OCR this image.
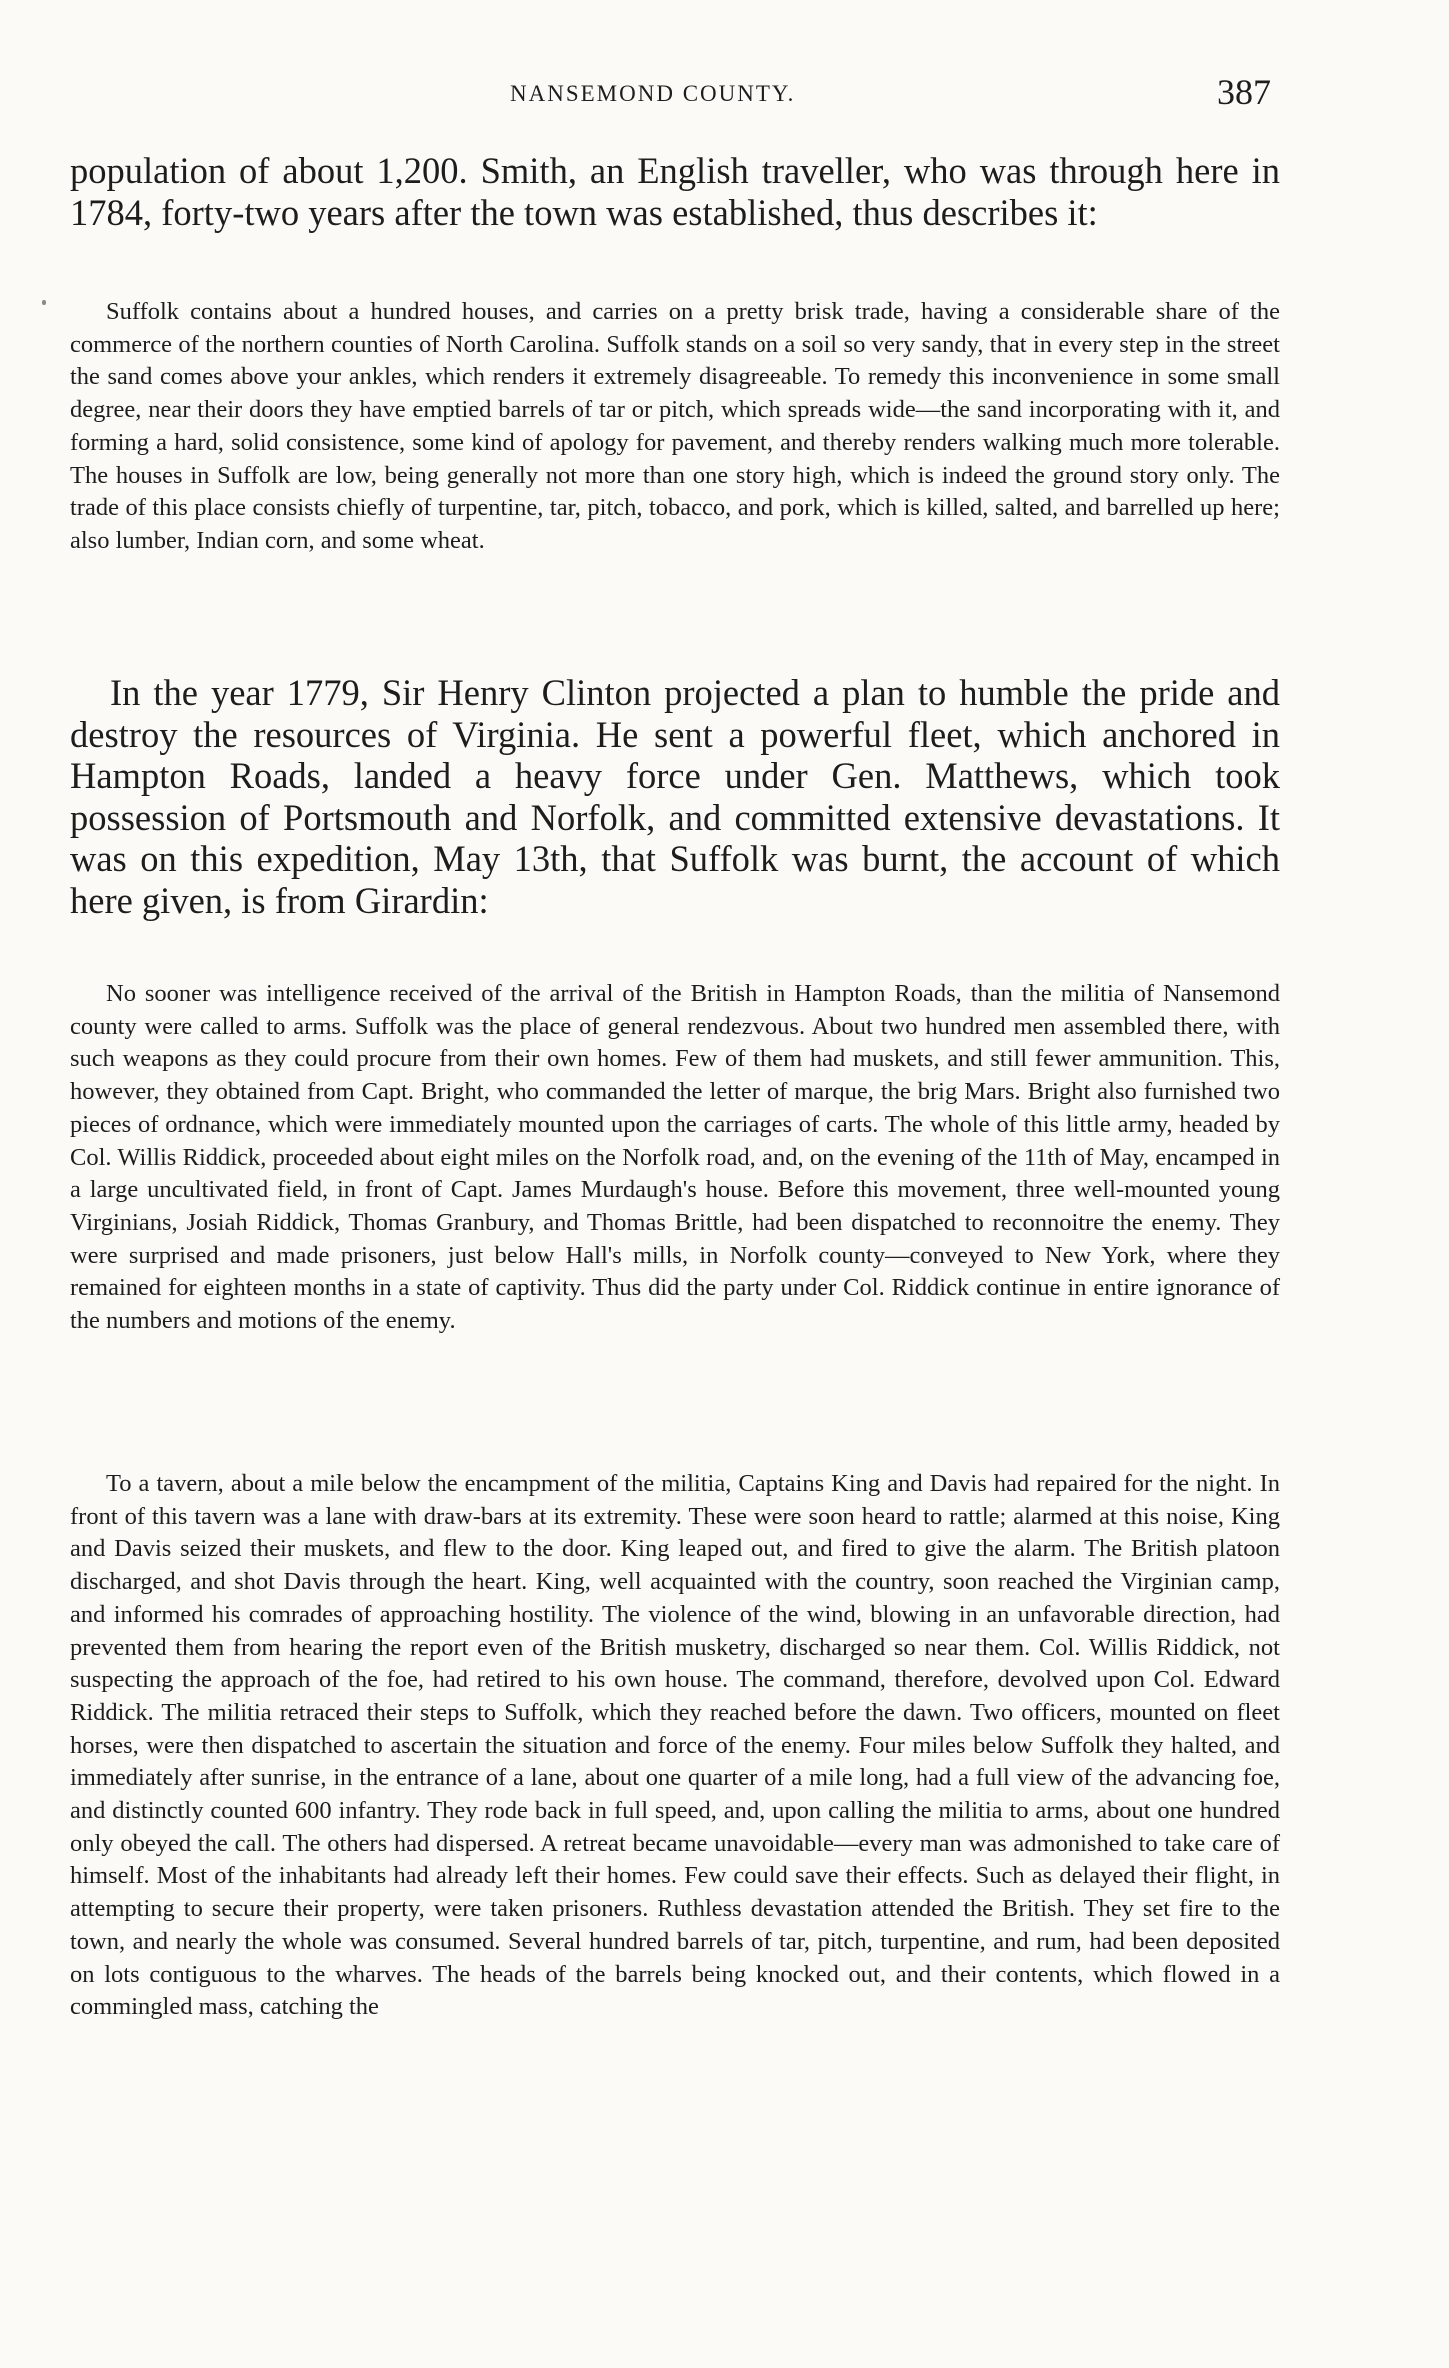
NANSEMOND COUNTY.	387

population of about 1,200. Smith, an English traveller, who was through here in 1784, forty-two years after the town was established, thus describes it:

Suffolk contains about a hundred houses, and carries on a pretty brisk trade, having a considerable share of the commerce of the northern counties of North Carolina. Suffolk stands on a soil so very sandy, that in every step in the street the sand comes above your ankles, which renders it extremely disagreeable. To remedy this inconvenience in some small degree, near their doors they have emptied barrels of tar or pitch, which spreads wide—the sand incorporating with it, and forming a hard, solid consistence, some kind of apology for pavement, and thereby renders walking much more tolerable. The houses in Suffolk are low, being generally not more than one story high, which is indeed the ground story only. The trade of this place consists chiefly of turpentine, tar, pitch, tobacco, and pork, which is killed, salted, and barrelled up here; also lumber, Indian corn, and some wheat.

In the year 1779, Sir Henry Clinton projected a plan to humble the pride and destroy the resources of Virginia. He sent a powerful fleet, which anchored in Hampton Roads, landed a heavy force under Gen. Matthews, which took possession of Portsmouth and Norfolk, and committed extensive devastations. It was on this expedition, May 13th, that Suffolk was burnt, the account of which here given, is from Girardin:

No sooner was intelligence received of the arrival of the British in Hampton Roads, than the militia of Nansemond county were called to arms. Suffolk was the place of general rendezvous. About two hundred men assembled there, with such weapons as they could procure from their own homes. Few of them had muskets, and still fewer ammunition. This, however, they obtained from Capt. Bright, who commanded the letter of marque, the brig Mars. Bright also furnished two pieces of ordnance, which were immediately mounted upon the carriages of carts. The whole of this little army, headed by Col. Willis Riddick, proceeded about eight miles on the Norfolk road, and, on the evening of the 11th of May, encamped in a large uncultivated field, in front of Capt. James Murdaugh's house. Before this movement, three well-mounted young Virginians, Josiah Riddick, Thomas Granbury, and Thomas Brittle, had been dispatched to reconnoitre the enemy. They were surprised and made prisoners, just below Hall's mills, in Norfolk county—conveyed to New York, where they remained for eighteen months in a state of captivity. Thus did the party under Col. Riddick continue in entire ignorance of the numbers and motions of the enemy.

To a tavern, about a mile below the encampment of the militia, Captains King and Davis had repaired for the night. In front of this tavern was a lane with draw-bars at its extremity. These were soon heard to rattle; alarmed at this noise, King and Davis seized their muskets, and flew to the door. King leaped out, and fired to give the alarm. The British platoon discharged, and shot Davis through the heart. King, well acquainted with the country, soon reached the Virginian camp, and informed his comrades of approaching hostility. The violence of the wind, blowing in an unfavorable direction, had prevented them from hearing the report even of the British musketry, discharged so near them. Col. Willis Riddick, not suspecting the approach of the foe, had retired to his own house. The command, therefore, devolved upon Col. Edward Riddick. The militia retraced their steps to Suffolk, which they reached before the dawn. Two officers, mounted on fleet horses, were then dispatched to ascertain the situation and force of the enemy. Four miles below Suffolk they halted, and immediately after sunrise, in the entrance of a lane, about one quarter of a mile long, had a full view of the advancing foe, and distinctly counted 600 infantry. They rode back in full speed, and, upon calling the militia to arms, about one hundred only obeyed the call. The others had dispersed. A retreat became unavoidable—every man was admonished to take care of himself. Most of the inhabitants had already left their homes. Few could save their effects. Such as delayed their flight, in attempting to secure their property, were taken prisoners. Ruthless devastation attended the British. They set fire to the town, and nearly the whole was consumed. Several hundred barrels of tar, pitch, turpentine, and rum, had been deposited on lots contiguous to the wharves. The heads of the barrels being knocked out, and their contents, which flowed in a commingled mass, catching the
